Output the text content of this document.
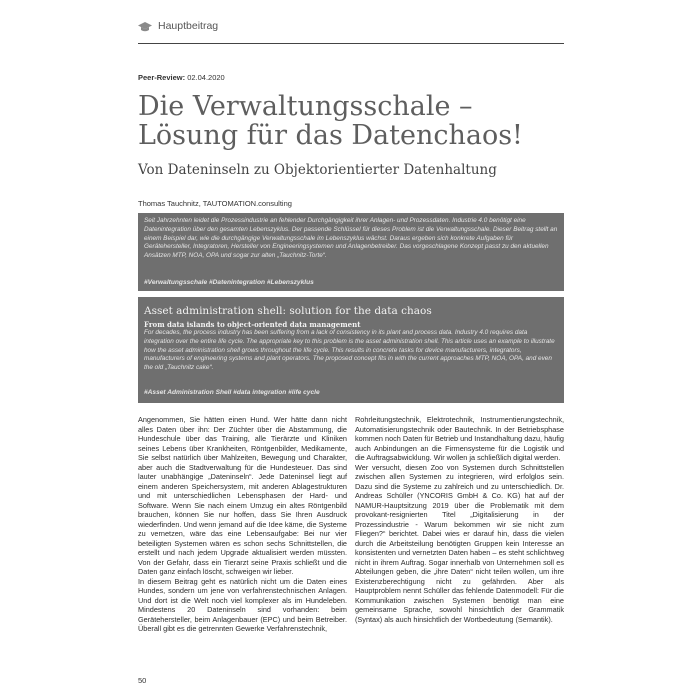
Hauptbeitrag
Peer-Review: 02.04.2020
Die Verwaltungsschale –
Lösung für das Datenchaos!
Von Dateninseln zu Objektorientierter Datenhaltung
Thomas Tauchnitz, TAUTOMATION.consulting
Seit Jahrzehnten leidet die Prozessindustrie an fehlender Durchgängigkeit ihrer Anlagen- und Prozessdaten. Industrie 4.0 benötigt eine Datenintegration über den gesamten Lebenszyklus. Der passende Schlüssel für dieses Problem ist die Verwaltungsschale. Dieser Beitrag stellt an einem Beispiel dar, wie die durchgängige Verwaltungsschale im Lebenszyklus wächst. Daraus ergeben sich konkrete Aufgaben für Gerätehersteller, Integratoren, Hersteller von Engineeringsystemen und Anlagenbetreiber. Das vorgeschlagene Konzept passt zu den aktuellen Ansätzen MTP, NOA, OPA und sogar zur alten „Tauchnitz-Torte“.
#Verwaltungsschale #Datenintegration #Lebenszyklus
Asset administration shell: solution for the data chaos
From data islands to object-oriented data management
For decades, the process industry has been suffering from a lack of consistency in its plant and process data. Industry 4.0 requires data integration over the entire life cycle. The appropriate key to this problem is the asset administration shell. This article uses an example to illustrate how the asset administration shell grows throughout the life cycle. This results in concrete tasks for device manufacturers, integrators, manufacturers of engineering systems and plant operators. The proposed concept fits in with the current approaches MTP, NOA, OPA, and even the old „Tauchnitz cake“.
#Asset Administration Shell #data integration #life cycle

Angenommen, Sie hätten einen Hund. Wer hätte dann nicht alles Daten über ihn: Der Züchter über die Abstammung, die Hundeschule über das Training, alle Tierärzte und Kliniken seines Lebens über Krankheiten, Röntgenbilder, Medikamente, Sie selbst natürlich über Mahlzeiten, Bewegung und Charakter, aber auch die Stadtverwaltung für die Hundesteuer. Das sind lauter unabhängige „Dateninseln“. Jede Dateninsel liegt auf einem anderen Speichersystem, mit anderen Ablagestrukturen und mit unterschiedlichen Lebensphasen der Hard- und Software. Wenn Sie nach einem Umzug ein altes Röntgenbild brauchen, können Sie nur hoffen, dass Sie Ihren Ausdruck wiederfinden. Und wenn jemand auf die Idee käme, die Systeme zu vernetzen, wäre das eine Lebensaufgabe: Bei nur vier beteiligten Systemen wären es schon sechs Schnittstellen, die erstellt und nach jedem Upgrade aktualisiert werden müssten. Von der Gefahr, dass ein Tierarzt seine Praxis schließt und die Daten ganz einfach löscht, schweigen wir lieber.

In diesem Beitrag geht es natürlich nicht um die Daten eines Hundes, sondern um jene von verfahrenstechnischen Anlagen. Und dort ist die Welt noch viel komplexer als im Hundeleben. Mindestens 20 Dateninseln sind vorhanden: beim Gerätehersteller, beim Anlagenbauer (EPC) und beim Betreiber. Überall gibt es die getrennten Gewerke Verfahrenstechnik,

Rohrleitungstechnik, Elektrotechnik, Instrumentierungstechnik, Automatisierungstechnik oder Bautechnik. In der Betriebsphase kommen noch Daten für Betrieb und Instandhaltung dazu, häufig auch Anbindungen an die Firmensysteme für die Logistik und die Auftragsabwicklung. Wir wollen ja schließlich digital werden.

Wer versucht, diesen Zoo von Systemen durch Schnittstellen zwischen allen Systemen zu integrieren, wird erfolglos sein. Dazu sind die Systeme zu zahlreich und zu unterschiedlich. Dr. Andreas Schüller (YNCORIS GmbH & Co. KG) hat auf der NAMUR-Hauptsitzung 2019 über die Problematik mit dem provokant-resignierten Titel „Digitalisierung in der Prozessindustrie - Warum bekommen wir sie nicht zum Fliegen?“ berichtet. Dabei wies er darauf hin, dass die vielen durch die Arbeitsteilung benötigten Gruppen kein Interesse an konsistenten und vernetzten Daten haben – es steht schlichtweg nicht in ihrem Auftrag. Sogar innerhalb von Unternehmen soll es Abteilungen geben, die „ihre Daten“ nicht teilen wollen, um ihre Existenzberechtigung nicht zu gefährden. Aber als Hauptproblem nennt Schüller das fehlende Datenmodell: Für die Kommunikation zwischen Systemen benötigt man eine gemeinsame Sprache, sowohl hinsichtlich der Grammatik (Syntax) als auch hinsichtlich der Wortbedeutung (Semantik).

50
